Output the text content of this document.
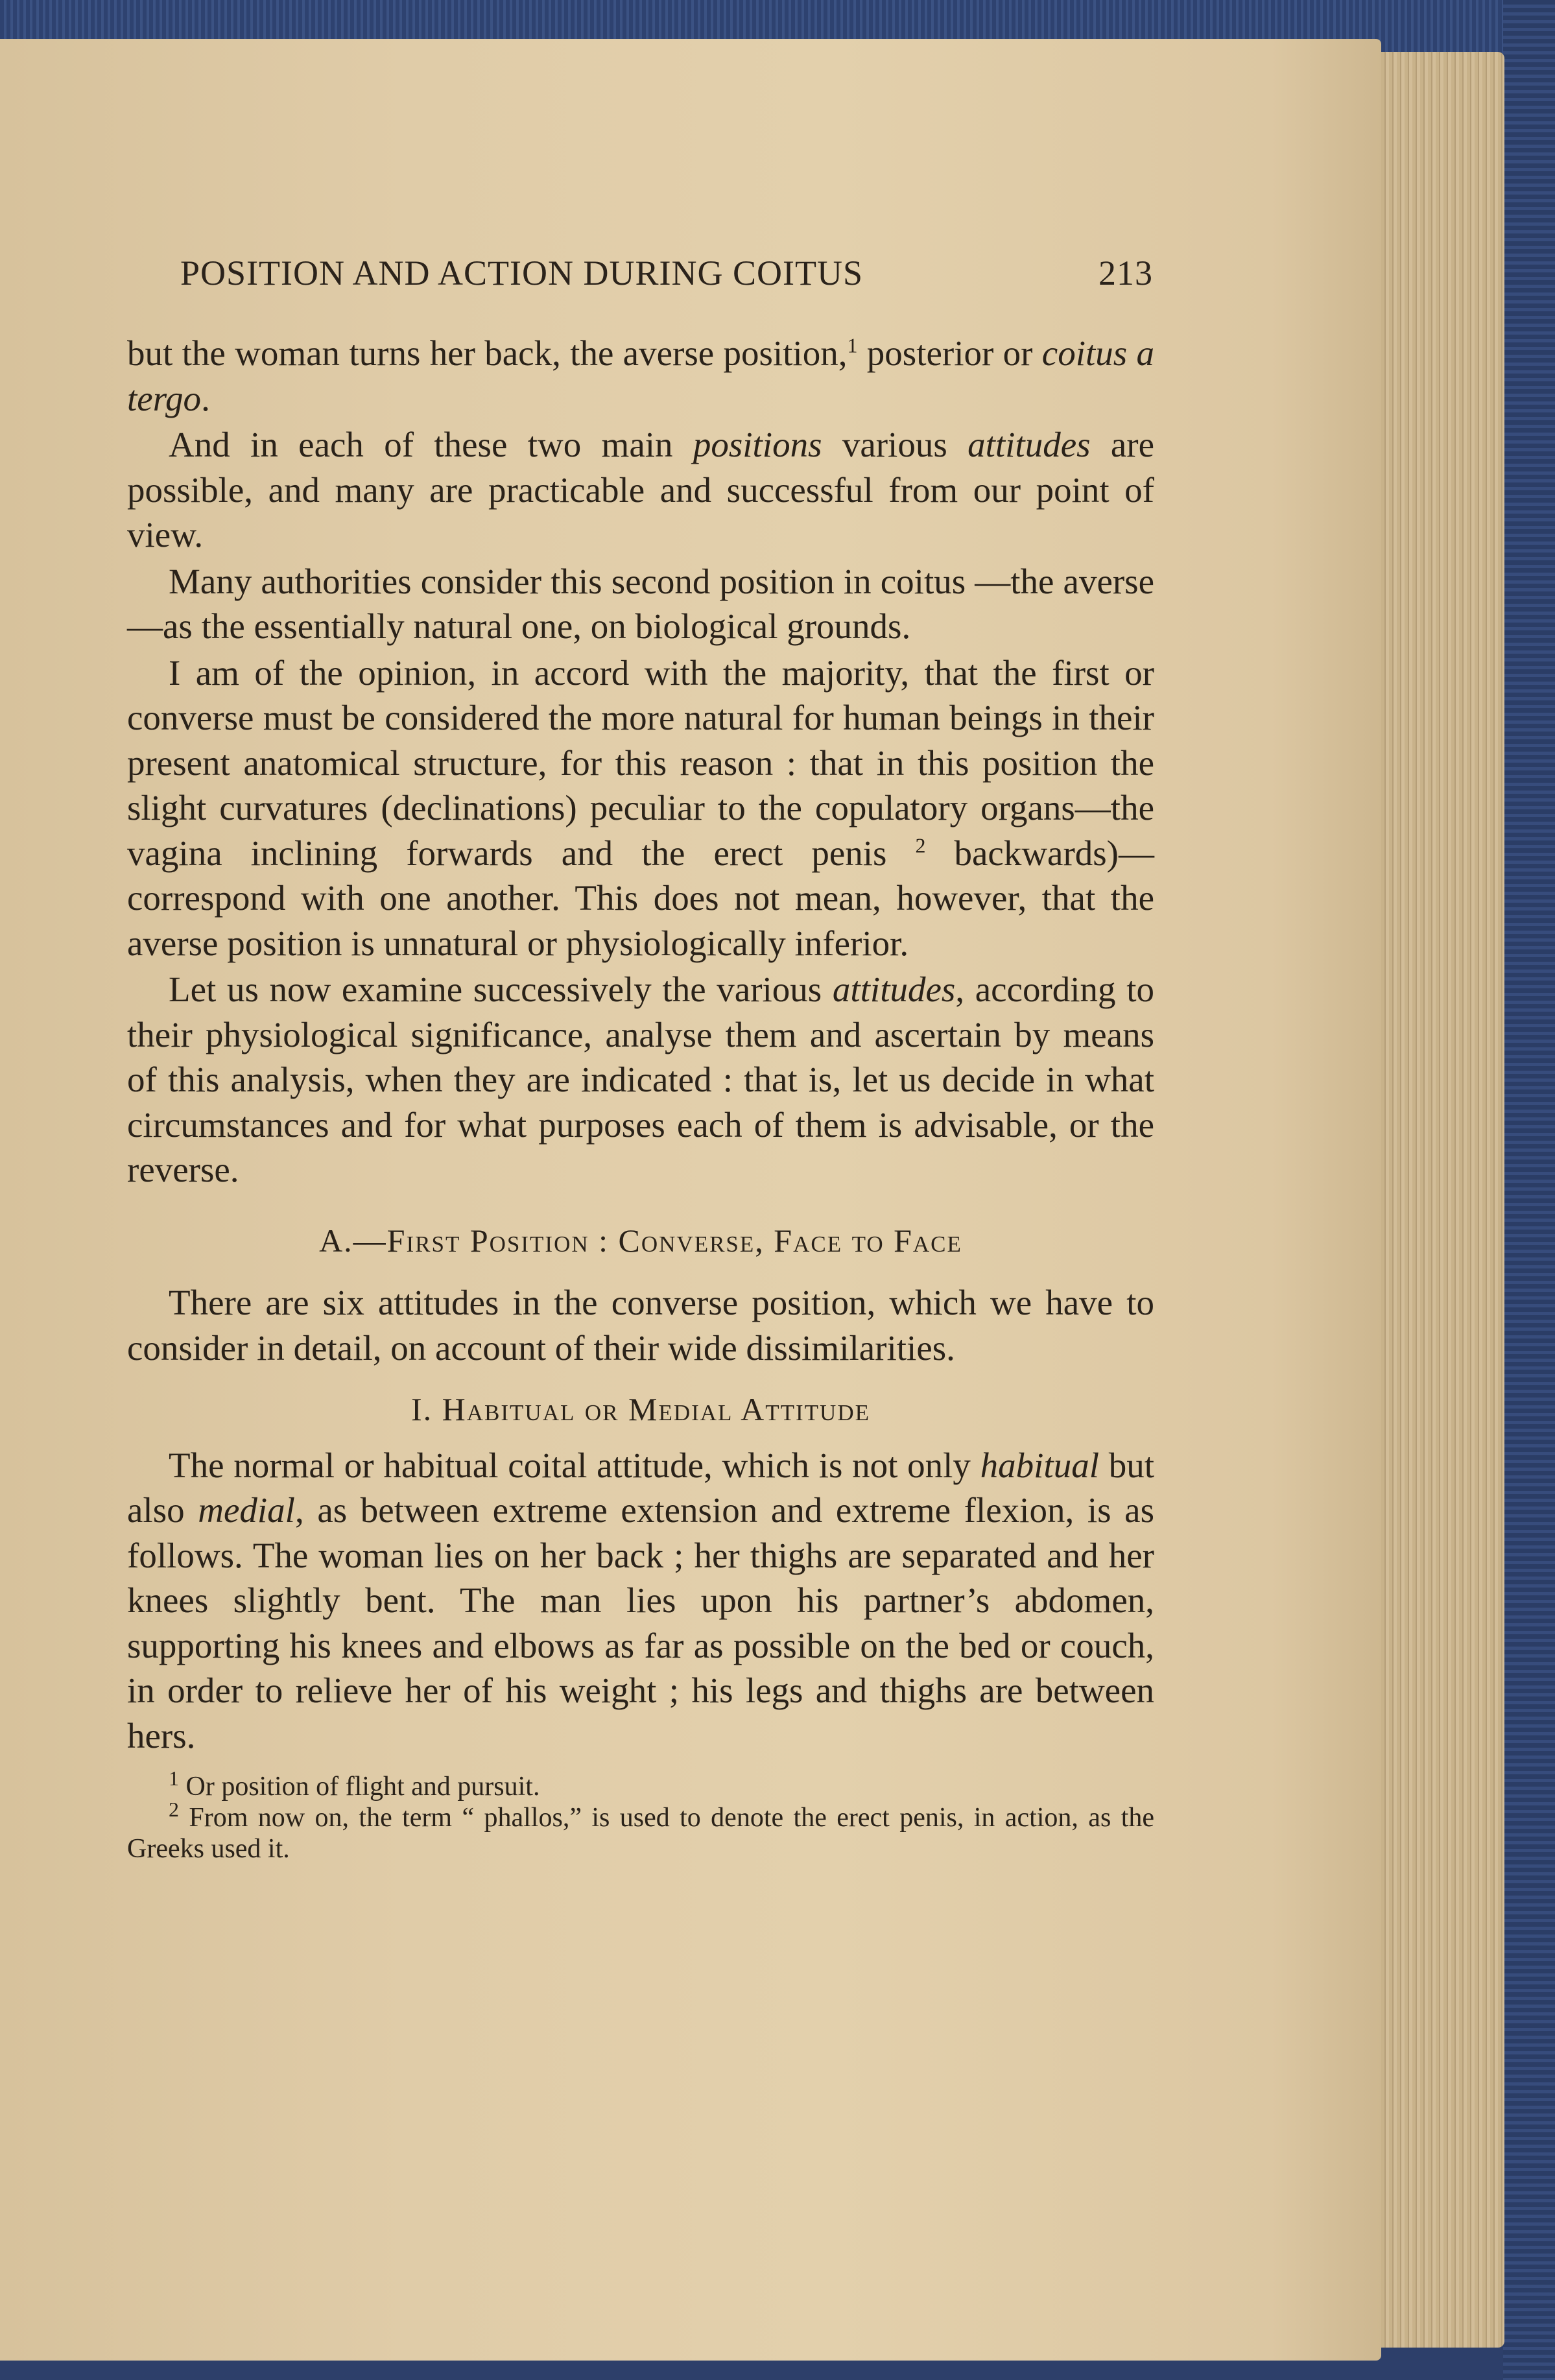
POSITION AND ACTION DURING COITUS	213

but the woman turns her back, the averse position,$^1$ posterior or coitus a tergo.

And in each of these two main positions various attitudes are possible, and many are practicable and successful from our point of view.

Many authorities consider this second position in coitus —the averse—as the essentially natural one, on biological grounds.

I am of the opinion, in accord with the majority, that the first or converse must be considered the more natural for human beings in their present anatomical structure, for this reason : that in this position the slight curvatures (declinations) peculiar to the copulatory organs—the vagina inclining forwards and the erect penis $^2$ backwards)—correspond with one another. This does not mean, however, that the averse position is unnatural or physiologically inferior.

Let us now examine successively the various attitudes, according to their physiological significance, analyse them and ascertain by means of this analysis, when they are indicated : that is, let us decide in what circumstances and for what purposes each of them is advisable, or the reverse.

A.—First Position : Converse, Face to Face

There are six attitudes in the converse position, which we have to consider in detail, on account of their wide dissimilarities.

I. Habitual or Medial Attitude

The normal or habitual coital attitude, which is not only habitual but also medial, as between extreme extension and extreme flexion, is as follows. The woman lies on her back ; her thighs are separated and her knees slightly bent. The man lies upon his partner’s abdomen, supporting his knees and elbows as far as possible on the bed or couch, in order to relieve her of his weight ; his legs and thighs are between hers.

$^1$ Or position of flight and pursuit.

$^2$ From now on, the term “ phallos,” is used to denote the erect penis, in action, as the Greeks used it.
